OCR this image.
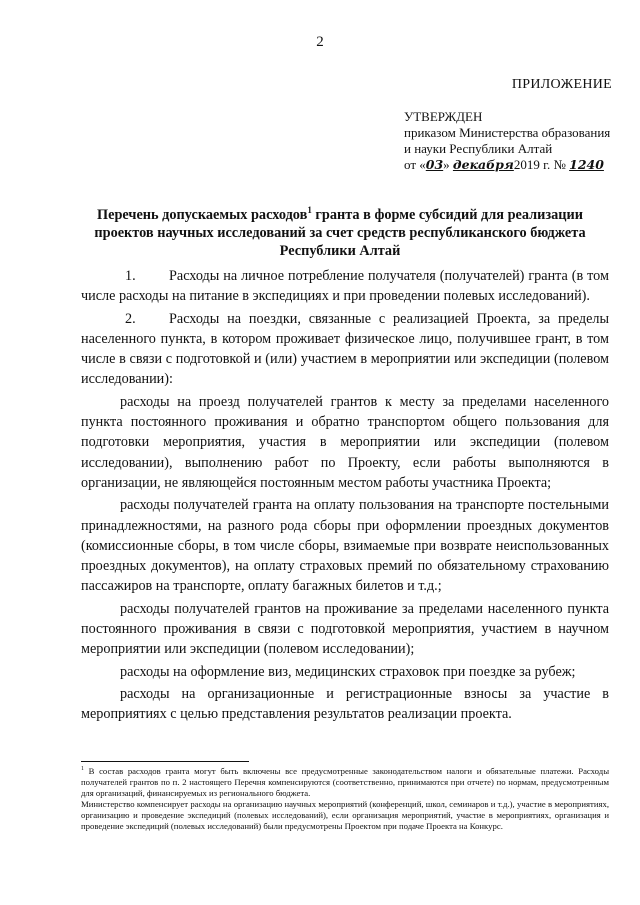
2
ПРИЛОЖЕНИЕ
УТВЕРЖДЕН
приказом Министерства образования
и науки Республики Алтай
от «03» декабря2019 г. № 1240
Перечень допускаемых расходов$^1$ гранта в форме субсидий для реализации проектов научных исследований за счет средств республиканского бюджета Республики Алтай

1. Расходы на личное потребление получателя (получателей) гранта (в том числе расходы на питание в экспедициях и при проведении полевых исследований).

2. Расходы на поездки, связанные с реализацией Проекта, за пределы населенного пункта, в котором проживает физическое лицо, получившее грант, в том числе в связи с подготовкой и (или) участием в мероприятии или экспедиции (полевом исследовании):

расходы на проезд получателей грантов к месту за пределами населенного пункта постоянного проживания и обратно транспортом общего пользования для подготовки мероприятия, участия в мероприятии или экспедиции (полевом исследовании), выполнению работ по Проекту, если работы выполняются в организации, не являющейся постоянным местом работы участника Проекта;

расходы получателей гранта на оплату пользования на транспорте постельными принадлежностями, на разного рода сборы при оформлении проездных документов (комиссионные сборы, в том числе сборы, взимаемые при возврате неиспользованных проездных документов), на оплату страховых премий по обязательному страхованию пассажиров на транспорте, оплату багажных билетов и т.д.;

расходы получателей грантов на проживание за пределами населенного пункта постоянного проживания в связи с подготовкой мероприятия, участием в научном мероприятии или экспедиции (полевом исследовании);

расходы на оформление виз, медицинских страховок при поездке за рубеж;

расходы на организационные и регистрационные взносы за участие в мероприятиях с целью представления результатов реализации проекта.

$^1$ В состав расходов гранта могут быть включены все предусмотренные законодательством налоги и обязательные платежи. Расходы получателей грантов по п. 2 настоящего Перечня компенсируются (соответственно, принимаются при отчете) по нормам, предусмотренным для организаций, финансируемых из регионального бюджета.

Министерство компенсирует расходы на организацию научных мероприятий (конференций, школ, семинаров и т.д.), участие в мероприятиях, организацию и проведение экспедиций (полевых исследований), если организация мероприятий, участие в мероприятиях, организация и проведение экспедиций (полевых исследований) были предусмотрены Проектом при подаче Проекта на Конкурс.
